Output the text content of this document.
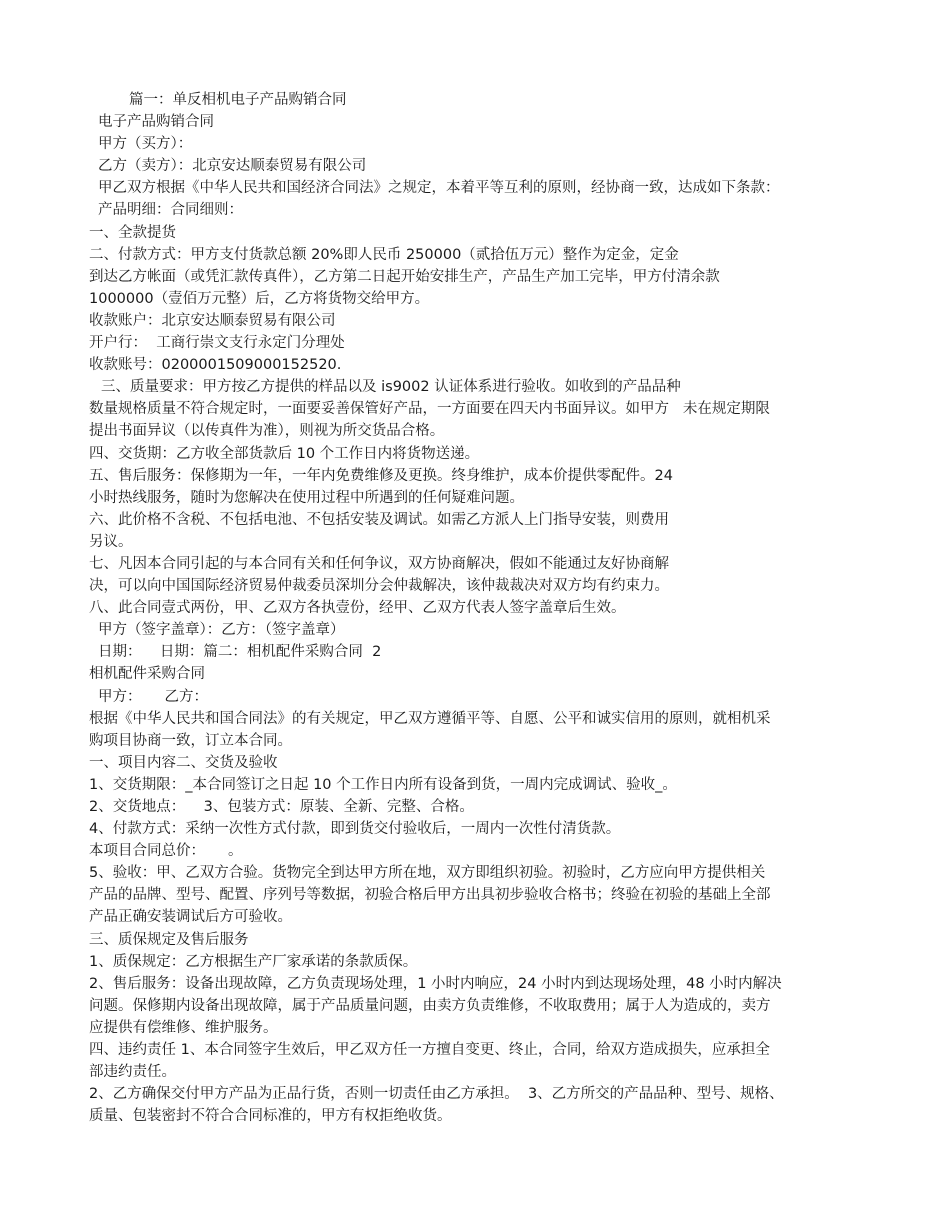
篇一：单反相机电子产品购销合同
电子产品购销合同
甲方（买方）：
乙方（卖方）：北京安达顺泰贸易有限公司
甲乙双方根据《中华人民共和国经济合同法》之规定，本着平等互利的原则，经协商一致，达成如下条款：
产品明细：合同细则：
一、全款提货
二、付款方式：甲方支付货款总额 20%即人民币 250000（贰拾伍万元）整作为定金，定金
到达乙方帐面（或凭汇款传真件），乙方第二日起开始安排生产，产品生产加工完毕，甲方付清余款
1000000（壹佰万元整）后，乙方将货物交给甲方。
收款账户：北京安达顺泰贸易有限公司
开户行：  工商行崇文支行永定门分理处
收款账号：0200001509000152520.
三、质量要求：甲方按乙方提供的样品以及 is9002 认证体系进行验收。如收到的产品品种
数量规格质量不符合规定时，一面要妥善保管好产品，一方面要在四天内书面异议。如甲方   未在规定期限
提出书面异议（以传真件为准），则视为所交货品合格。
四、交货期：乙方收全部货款后 10 个工作日内将货物送递。
五、售后服务：保修期为一年，一年内免费维修及更换。终身维护，成本价提供零配件。24
小时热线服务，随时为您解决在使用过程中所遇到的任何疑难问题。
六、此价格不含税、不包括电池、不包括安装及调试。如需乙方派人上门指导安装，则费用
另议。
七、凡因本合同引起的与本合同有关和任何争议，双方协商解决，假如不能通过友好协商解
决，可以向中国国际经济贸易仲裁委员深圳分会仲裁解决，该仲裁裁决对双方均有约束力。
八、此合同壹式两份，甲、乙双方各执壹份，经甲、乙双方代表人签字盖章后生效。
甲方（签字盖章）：乙方：（签字盖章）
日期：    日期：篇二：相机配件采购合同  2
相机配件采购合同
甲方：     乙方：
根据《中华人民共和国合同法》的有关规定，甲乙双方遵循平等、自愿、公平和诚实信用的原则，就相机采
购项目协商一致，订立本合同。
一、项目内容二、交货及验收
1、交货期限：_本合同签订之日起 10 个工作日内所有设备到货，一周内完成调试、验收_。
2、交货地点：    3、包装方式：原装、全新、完整、合格。
4、付款方式：采纳一次性方式付款，即到货交付验收后，一周内一次性付清货款。
本项目合同总价：     。
5、验收：甲、乙双方合验。货物完全到达甲方所在地，双方即组织初验。初验时，乙方应向甲方提供相关
产品的品牌、型号、配置、序列号等数据，初验合格后甲方出具初步验收合格书；终验在初验的基础上全部
产品正确安装调试后方可验收。
三、质保规定及售后服务
1、质保规定：乙方根据生产厂家承诺的条款质保。
2、售后服务：设备出现故障，乙方负责现场处理，1 小时内响应，24 小时内到达现场处理，48 小时内解决
问题。保修期内设备出现故障，属于产品质量问题，由卖方负责维修，不收取费用；属于人为造成的，卖方
应提供有偿维修、维护服务。
四、违约责任 1、本合同签字生效后，甲乙双方任一方擅自变更、终止，合同，给双方造成损失，应承担全
部违约责任。
2、乙方确保交付甲方产品为正品行货，否则一切责任由乙方承担。  3、乙方所交的产品品种、型号、规格、
质量、包装密封不符合合同标准的，甲方有权拒绝收货。
